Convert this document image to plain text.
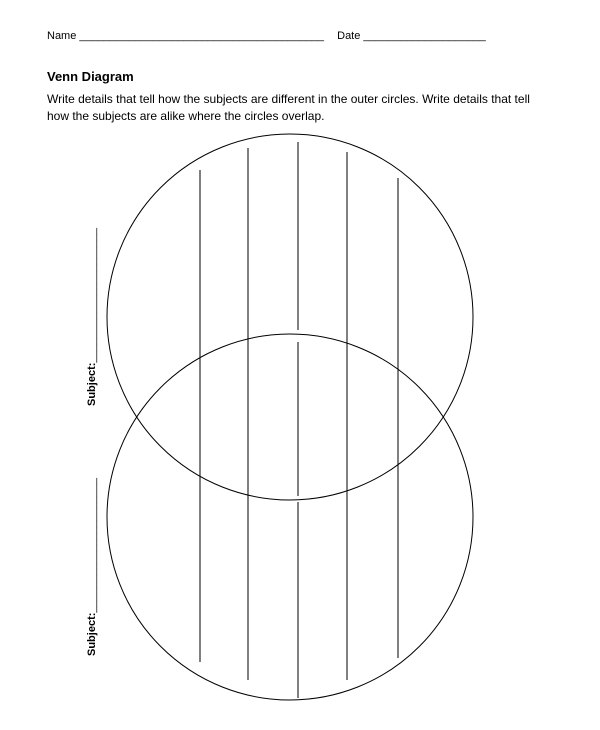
Name ________________________________________ Date ____________________
Venn Diagram
Write details that tell how the subjects are different in the outer circles. Write details that tell
how the subjects are alike where the circles overlap.
Subject:______________________
Subject:______________________
